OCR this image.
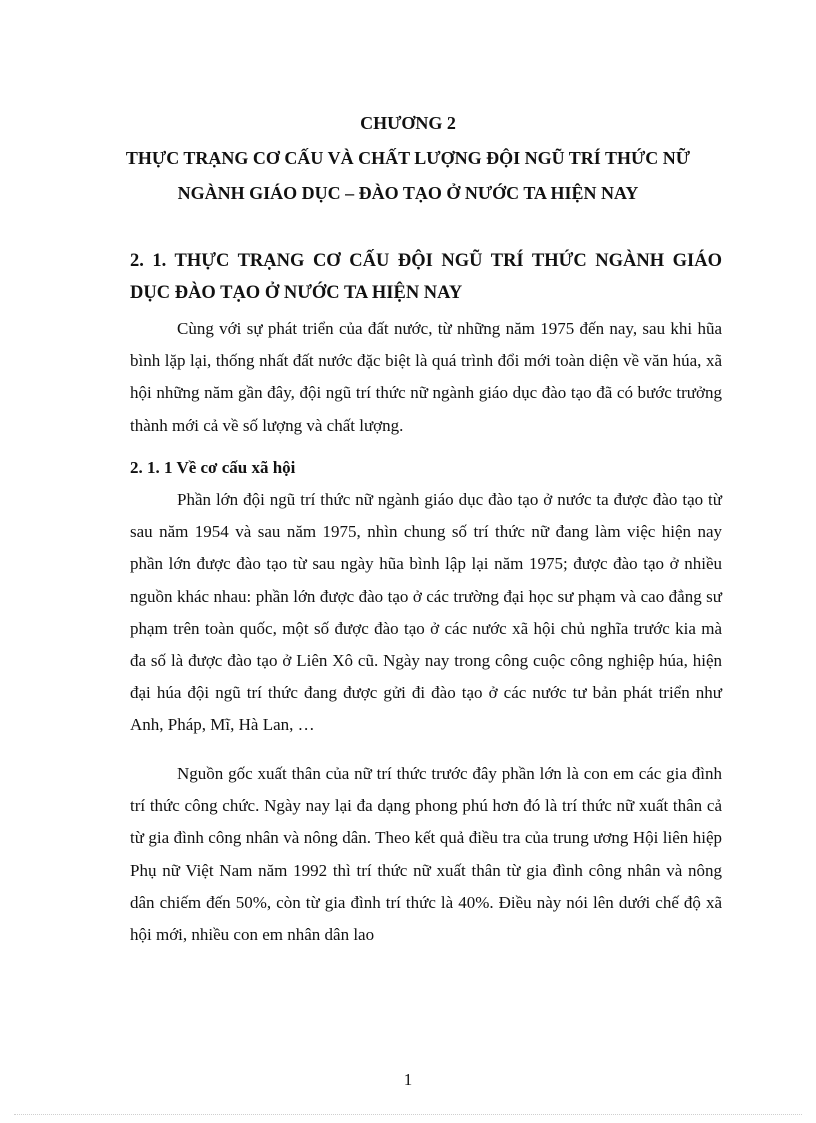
CHƯƠNG 2
THỰC TRẠNG CƠ CẤU VÀ CHẤT LƯỢNG ĐỘI NGŨ TRÍ THỨC NỮ
NGÀNH GIÁO DỤC – ĐÀO TẠO Ở NƯỚC TA HIỆN NAY
2. 1. THỰC TRẠNG CƠ CẤU ĐỘI NGŨ TRÍ THỨC NGÀNH GIÁO
DỤC ĐÀO TẠO Ở NƯỚC TA HIỆN NAY

Cùng với sự phát triển của đất nước, từ những năm 1975 đến nay, sau khi hũa bình lặp lại, thống nhất đất nước đặc biệt là quá trình đổi mới toàn diện về văn húa, xã hội những năm gần đây, đội ngũ trí thức nữ ngành giáo dục đào tạo đã có bước trưởng thành mới cả về số lượng và chất lượng.

2. 1. 1 Về cơ cấu xã hội

Phần lớn đội ngũ trí thức nữ ngành giáo dục đào tạo ở nước ta được đào tạo từ sau năm 1954 và sau năm 1975, nhìn chung số trí thức nữ đang làm việc hiện nay phần lớn được đào tạo từ sau ngày hũa bình lập lại năm 1975; được đào tạo ở nhiều nguồn khác nhau: phần lớn được đào tạo ở các trường đại học sư phạm và cao đẳng sư phạm trên toàn quốc, một số được đào tạo ở các nước xã hội chủ nghĩa trước kia mà đa số là được đào tạo ở Liên Xô cũ. Ngày nay trong công cuộc công nghiệp húa, hiện đại húa đội ngũ trí thức đang được gửi đi đào tạo ở các nước tư bản phát triển như Anh, Pháp, Mĩ, Hà Lan, …

Nguồn gốc xuất thân của nữ trí thức trước đây phần lớn là con em các gia đình trí thức công chức. Ngày nay lại đa dạng phong phú hơn đó là trí thức nữ xuất thân cả từ gia đình công nhân và nông dân. Theo kết quả điều tra của trung ương Hội liên hiệp Phụ nữ Việt Nam năm 1992 thì trí thức nữ xuất thân từ gia đình công nhân và nông dân chiếm đến 50%, còn từ gia đình trí thức là 40%. Điều này nói lên dưới chế độ xã hội mới, nhiều con em nhân dân lao

1
